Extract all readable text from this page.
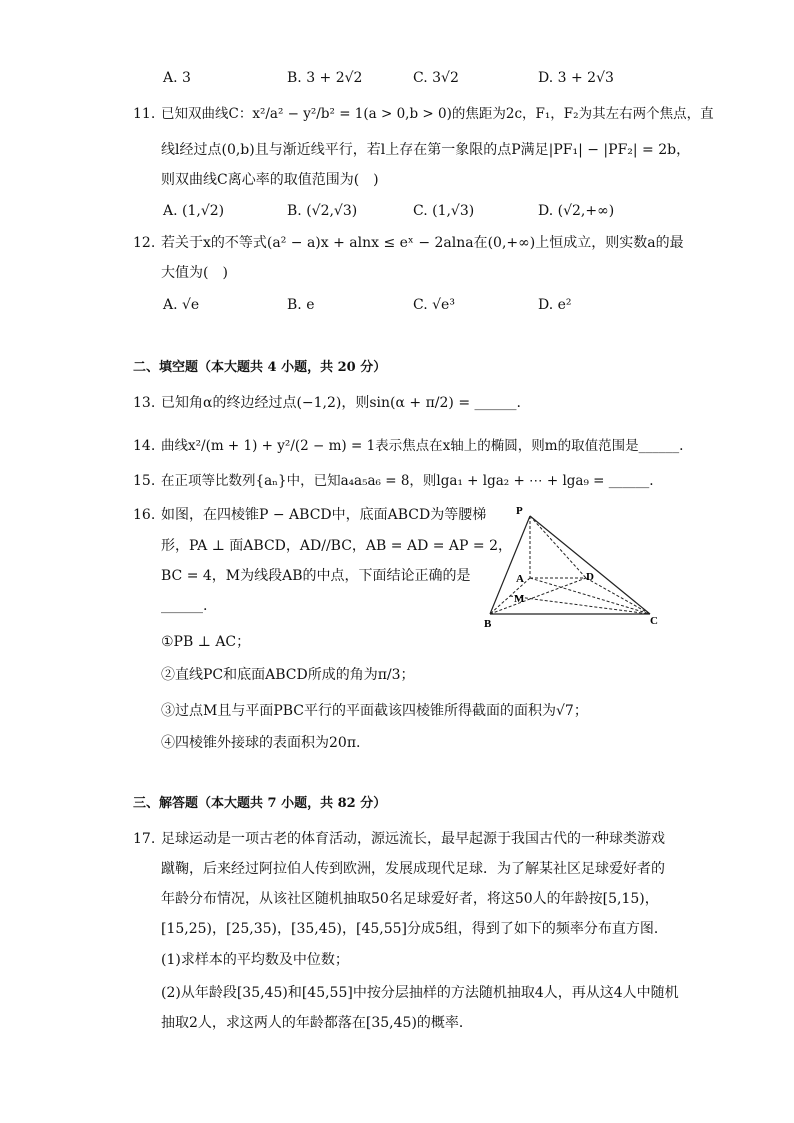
A. 3	B. 3 + 2√2	C. 3√2	D. 3 + 2√3
11. 已知双曲线C：x²/a² − y²/b² = 1(a > 0,b > 0)的焦距为2c，F₁，F₂为其左右两个焦点，直
线l经过点(0,b)且与渐近线平行，若l上存在第一象限的点P满足|PF₁| − |PF₂| = 2b，
则双曲线C离心率的取值范围为(　)
A. (1,√2)	B. (√2,√3)	C. (1,√3)	D. (√2,+∞)
12. 若关于x的不等式(a² − a)x + alnx ≤ eˣ − 2alna在(0,+∞)上恒成立，则实数a的最
大值为(　)
A. √e	B. e	C. √e³	D. e²
二、填空题（本大题共 4 小题，共 20 分）
13. 已知角α的终边经过点(−1,2)，则sin(α + π/2) = ______.
14. 曲线x²/(m + 1) + y²/(2 − m) = 1表示焦点在x轴上的椭圆，则m的取值范围是______.
15. 在正项等比数列{aₙ}中，已知a₄a₅a₆ = 8，则lga₁ + lga₂ + ⋯ + lga₉ = ______.
16. 如图，在四棱锥P − ABCD中，底面ABCD为等腰梯
形，PA ⊥ 面ABCD，AD//BC，AB = AD = AP = 2，
BC = 4，M为线段AB的中点，下面结论正确的是
______.
①PB ⊥ AC；
②直线PC和底面ABCD所成的角为π/3；
③过点M且与平面PBC平行的平面截该四棱锥所得截面的面积为√7；
④四棱锥外接球的表面积为20π.
P
A	D
M
B	C
三、解答题（本大题共 7 小题，共 82 分）
17. 足球运动是一项古老的体育活动，源远流长，最早起源于我国古代的一种球类游戏
蹴鞠，后来经过阿拉伯人传到欧洲，发展成现代足球．为了解某社区足球爱好者的
年龄分布情况，从该社区随机抽取50名足球爱好者，将这50人的年龄按[5,15)，
[15,25)，[25,35)，[35,45)，[45,55]分成5组，得到了如下的频率分布直方图．
(1)求样本的平均数及中位数；
(2)从年龄段[35,45)和[45,55]中按分层抽样的方法随机抽取4人，再从这4人中随机
抽取2人，求这两人的年龄都落在[35,45)的概率．
